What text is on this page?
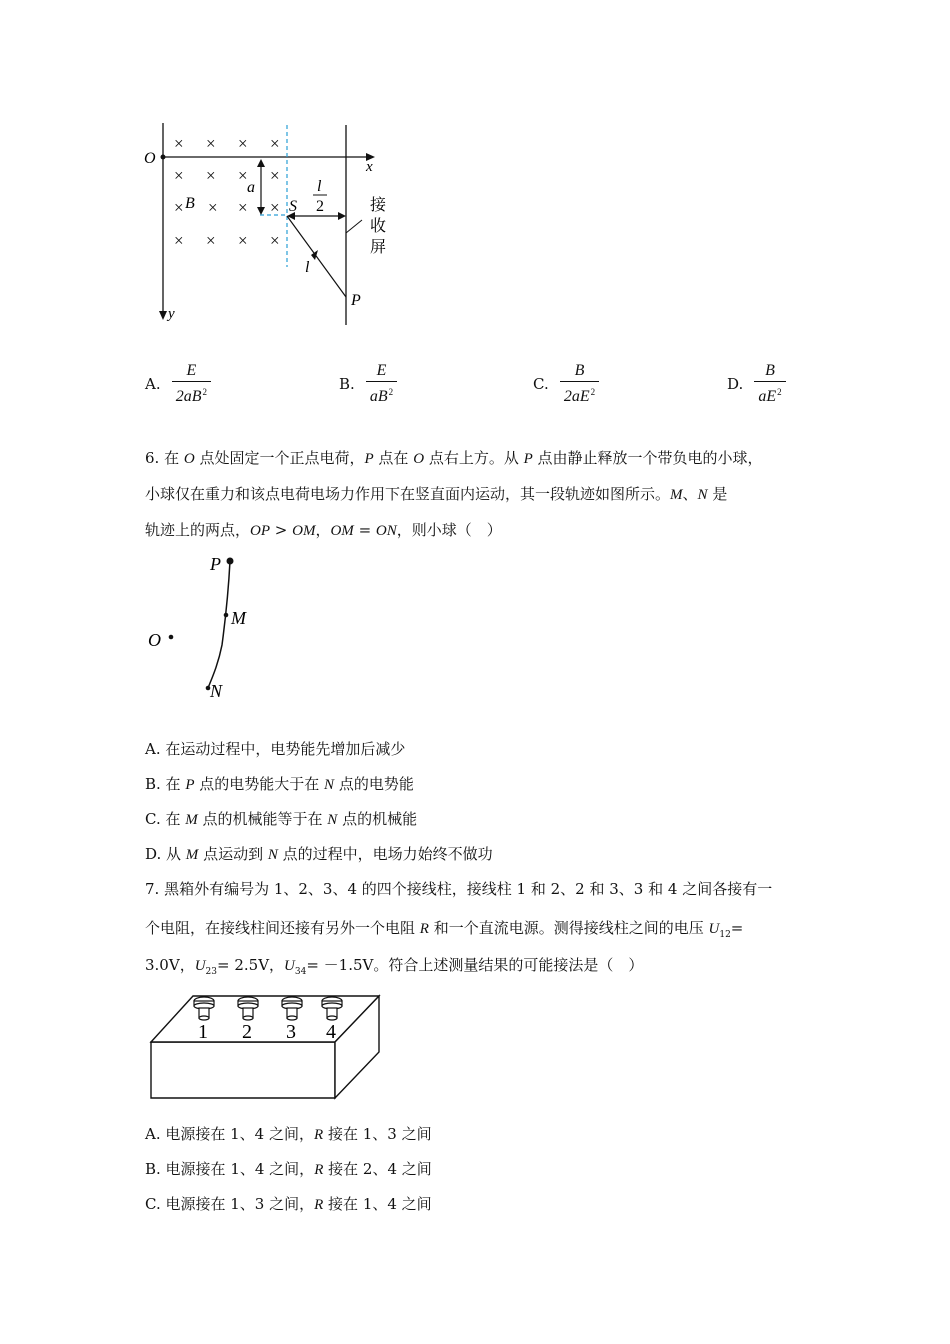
× × × ×
× × × ×
× × × ×
× × × ×
O	x
y
B
a
S
l
2
l
P
接
收
屏
A. $\frac{E}{2aB^2}$	B. $\frac{E}{aB^2}$	C. $\frac{B}{2aE^2}$	D. $\frac{B}{aE^2}$
6. 在 O 点处固定一个正点电荷，P 点在 O 点右上方。从 P 点由静止释放一个带负电的小球，
小球仅在重力和该点电荷电场力作用下在竖直面内运动，其一段轨迹如图所示。M、N 是
轨迹上的两点，OP > OM，OM = ON，则小球（　）
P
M
O
N
A. 在运动过程中，电势能先增加后减少
B. 在 P 点的电势能大于在 N 点的电势能
C. 在 M 点的机械能等于在 N 点的机械能
D. 从 M 点运动到 N 点的过程中，电场力始终不做功
7. 黑箱外有编号为 1、2、3、4 的四个接线柱，接线柱 1 和 2、2 和 3、3 和 4 之间各接有一
个电阻，在接线柱间还接有另外一个电阻 R 和一个直流电源。测得接线柱之间的电压 $U_{12}=$
3.0V，$U_{23}= 2.5V$，$U_{34}= -1.5V$。符合上述测量结果的可能接法是（　）
1 2 3 4
A. 电源接在 1、4 之间，R 接在 1、3 之间
B. 电源接在 1、4 之间，R 接在 2、4 之间
C. 电源接在 1、3 之间，R 接在 1、4 之间
